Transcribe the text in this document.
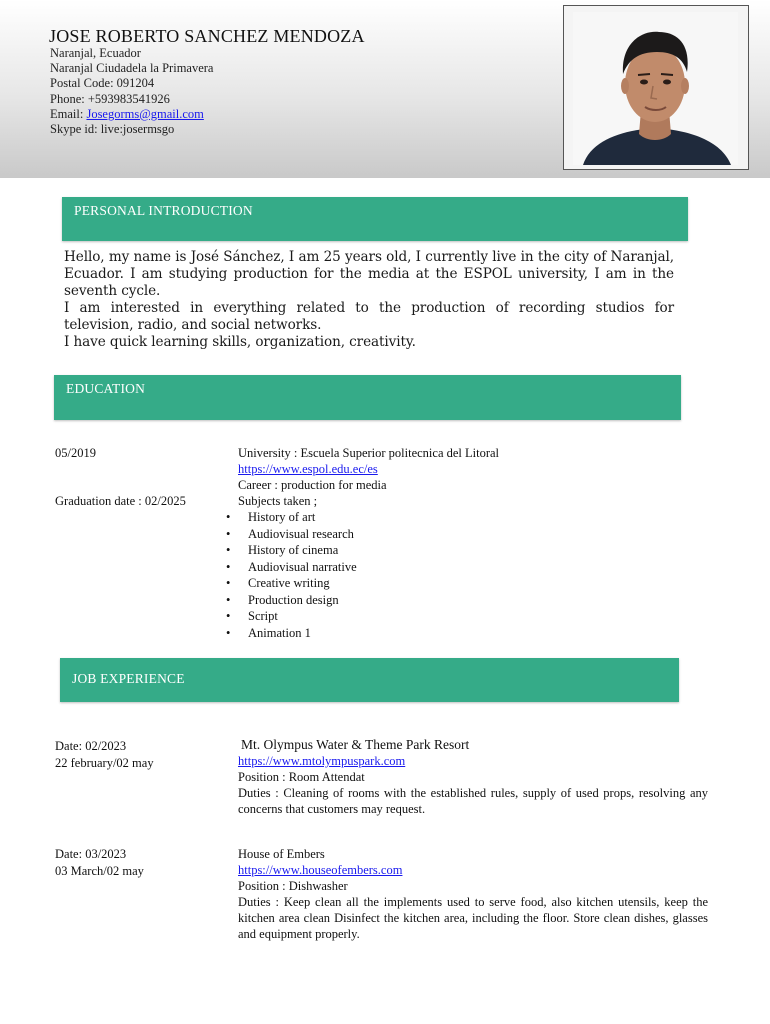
JOSE ROBERTO SANCHEZ MENDOZA
Naranjal, Ecuador
Naranjal Ciudadela la Primavera
Postal Code: 091204
Phone: +593983541926
Email: Josegorms@gmail.com
Skype id: live:josermsgo
PERSONAL INTRODUCTION

Hello, my name is José Sánchez, I am 25 years old, I currently live in the city of Naranjal, Ecuador. I am studying production for the media at the ESPOL university, I am in the seventh cycle.

I am interested in everything related to the production of recording studios for television, radio, and social networks.

I have quick learning skills, organization, creativity.

EDUCATION
05/2019
Graduation date : 02/2025
University : Escuela Superior politecnica del Litoral
https://www.espol.edu.ec/es
Career : production for media
Subjects taken ;
• History of art
• Audiovisual research
• History of cinema
• Audiovisual narrative
• Creative writing
• Production design
• Script
• Animation 1
JOB EXPERIENCE
Date: 02/2023
22 february/02 may
Mt. Olympus Water & Theme Park Resort
https://www.mtolympuspark.com
Position : Room Attendat
Duties : Cleaning of rooms with the established rules, supply of used props, resolving any concerns that customers may request.
Date: 03/2023
03 March/02 may
House of Embers
https://www.houseofembers.com
Position : Dishwasher
Duties : Keep clean all the implements used to serve food, also kitchen utensils, keep the kitchen area clean Disinfect the kitchen area, including the floor. Store clean dishes, glasses and equipment properly.
